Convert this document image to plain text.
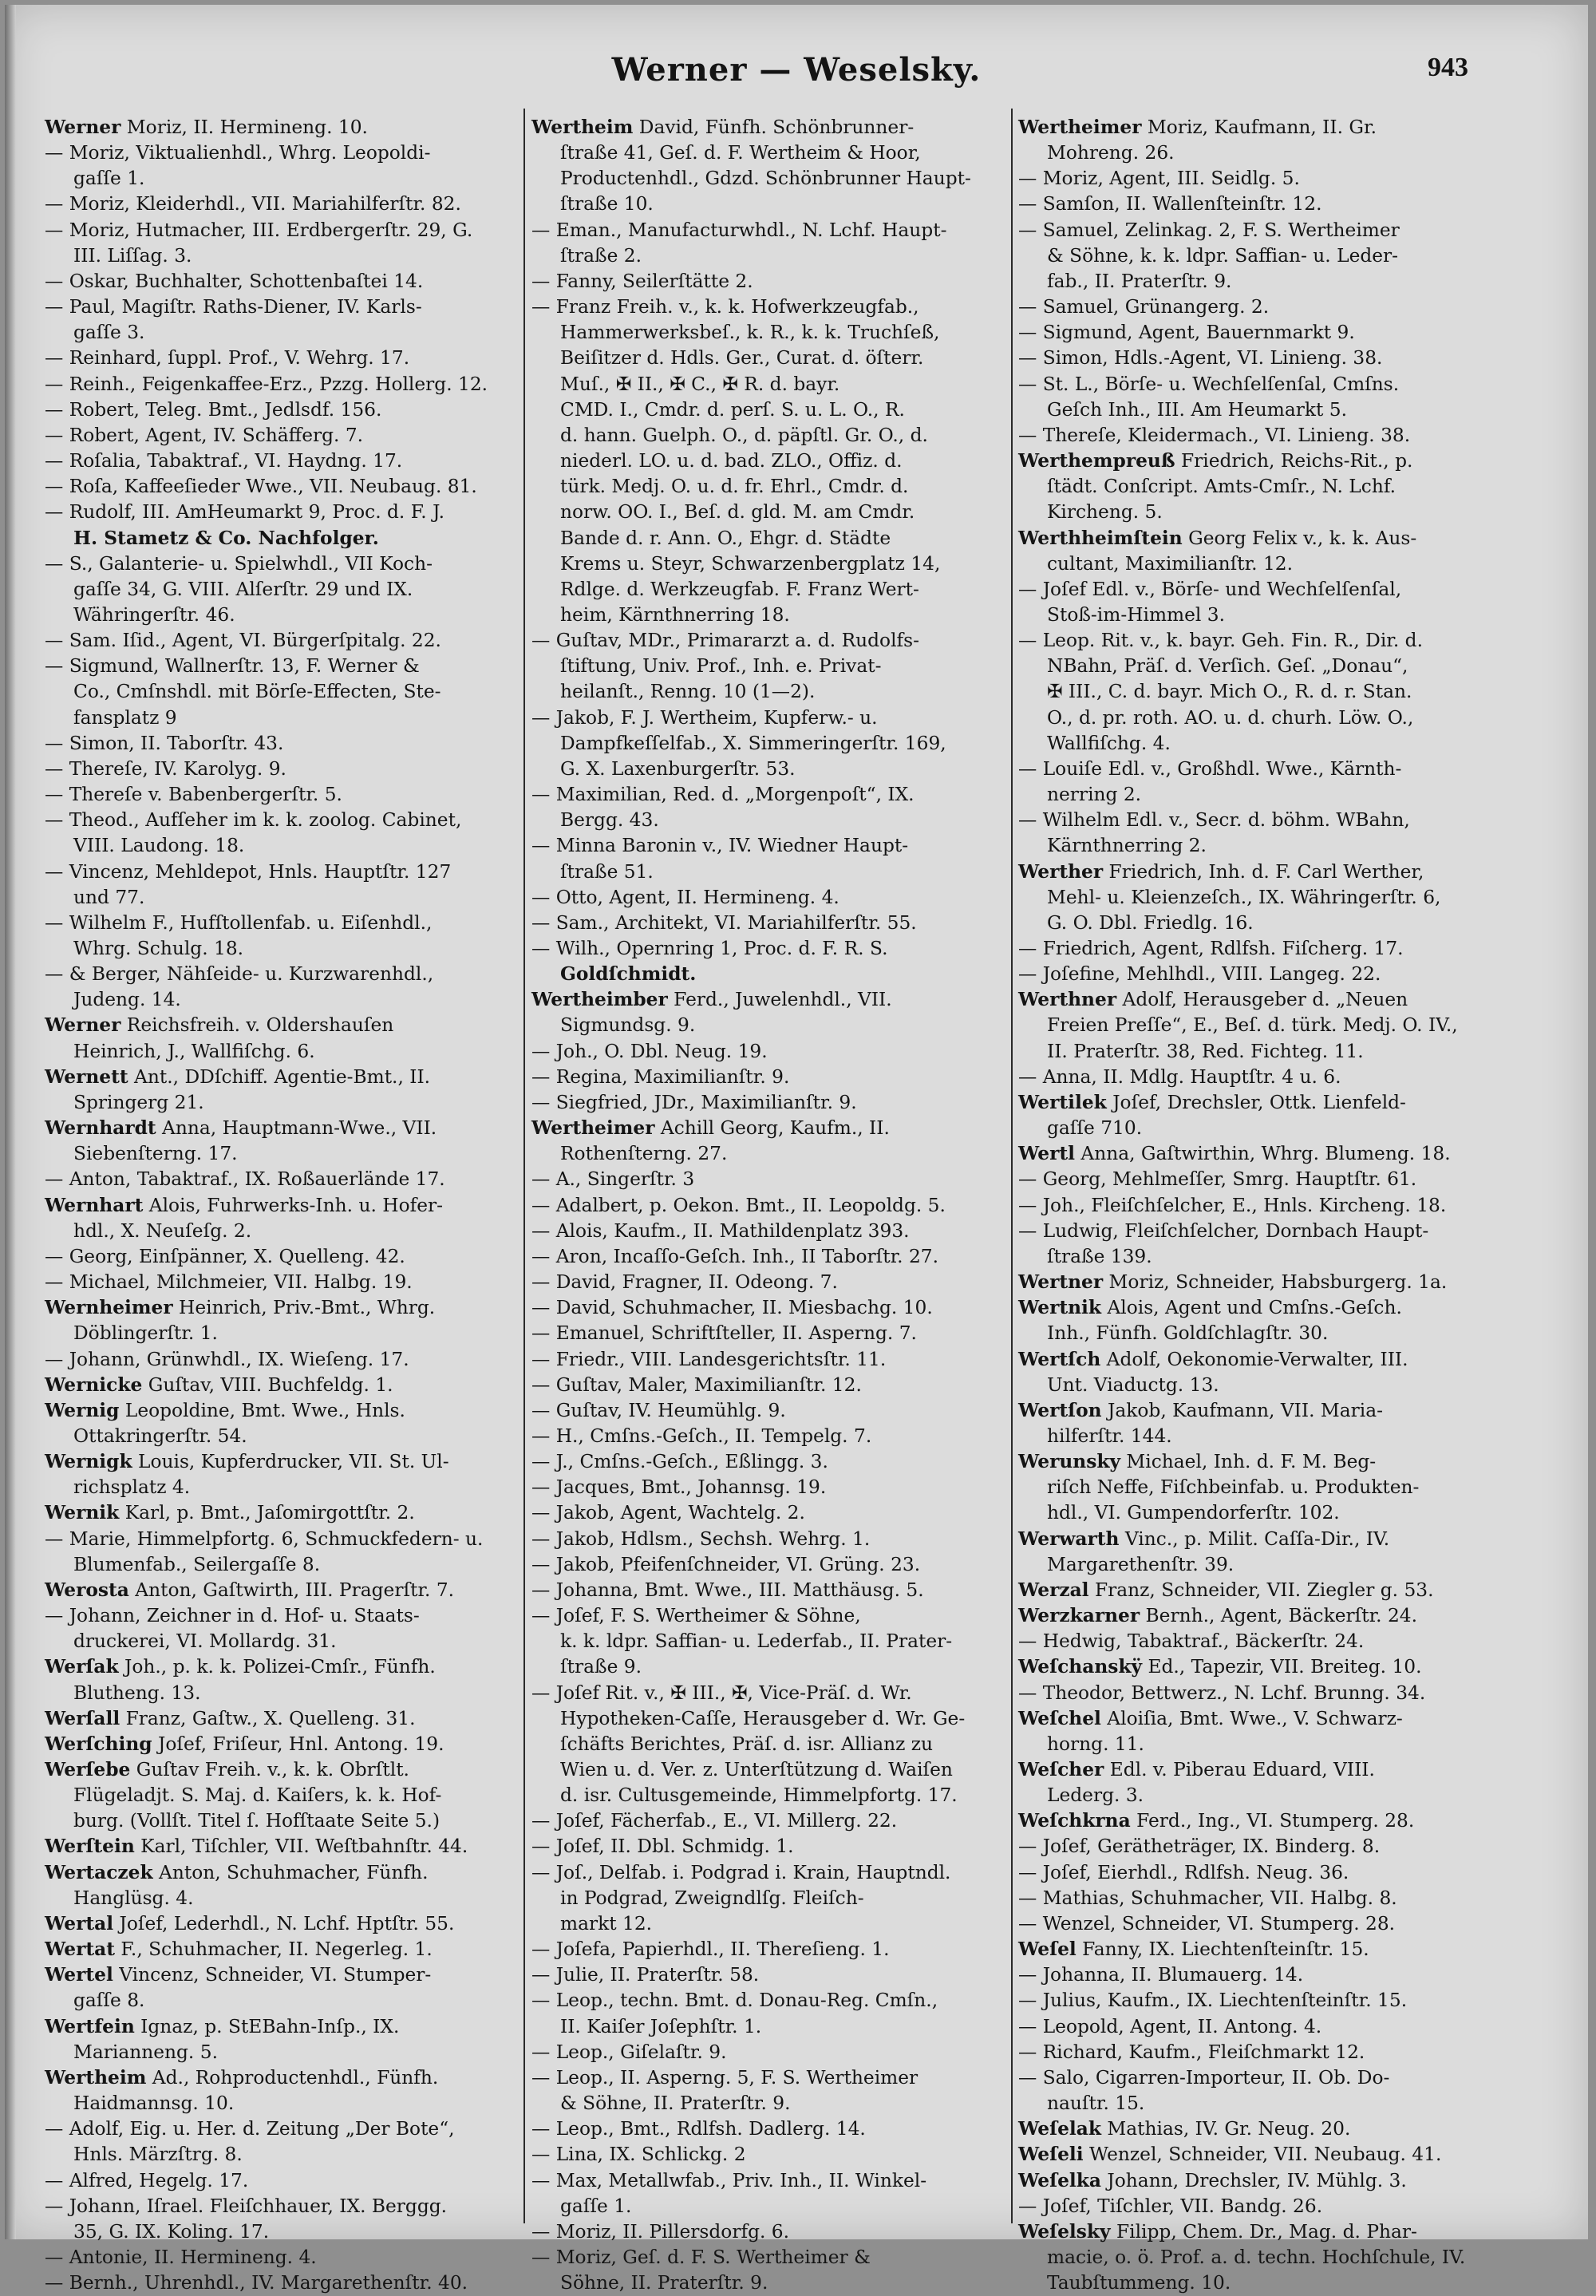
Werner — Weselsky.	943
Werner Moriz, II. Hermineng. 10.
— Moriz, Viktualienhdl., Whrg. Leopoldi-
gaſſe 1.
— Moriz, Kleiderhdl., VII. Mariahilferſtr. 82.
— Moriz, Hutmacher, III. Erdbergerſtr. 29, G.
III. Liſſag. 3.
— Oskar, Buchhalter, Schottenbaſtei 14.
— Paul, Magiſtr. Raths-Diener, IV. Karls-
gaſſe 3.
— Reinhard, ſuppl. Prof., V. Wehrg. 17.
— Reinh., Feigenkaffee-Erz., Pzzg. Hollerg. 12.
— Robert, Teleg. Bmt., Jedlsdf. 156.
— Robert, Agent, IV. Schäfferg. 7.
— Roſalia, Tabaktraf., VI. Haydng. 17.
— Roſa, Kaffeeſieder Wwe., VII. Neubaug. 81.
— Rudolf, III. AmHeumarkt 9, Proc. d. F. J.
H. Stametz & Co. Nachfolger.
— S., Galanterie- u. Spielwhdl., VII Koch-
gaſſe 34, G. VIII. Alſerſtr. 29 und IX.
Währingerſtr. 46.
— Sam. Iſid., Agent, VI. Bürgerſpitalg. 22.
— Sigmund, Wallnerſtr. 13, F. Werner &
Co., Cmſnshdl. mit Börſe-Effecten, Ste-
fansplatz 9
— Simon, II. Taborſtr. 43.
— Thereſe, IV. Karolyg. 9.
— Thereſe v. Babenbergerſtr. 5.
— Theod., Aufſeher im k. k. zoolog. Cabinet,
VIII. Laudong. 18.
— Vincenz, Mehldepot, Hnls. Hauptſtr. 127
und 77.
— Wilhelm F., Hufſtollenfab. u. Eiſenhdl.,
Whrg. Schulg. 18.
— & Berger, Nähſeide- u. Kurzwarenhdl.,
Judeng. 14.
Werner Reichsfreih. v. Oldershauſen
Heinrich, J., Wallfiſchg. 6.
Wernett Ant., DDſchiff. Agentie-Bmt., II.
Springerg 21.
Wernhardt Anna, Hauptmann-Wwe., VII.
Siebenſterng. 17.
— Anton, Tabaktraf., IX. Roßauerlände 17.
Wernhart Alois, Fuhrwerks-Inh. u. Hofer-
hdl., X. Neuſeſg. 2.
— Georg, Einſpänner, X. Quelleng. 42.
— Michael, Milchmeier, VII. Halbg. 19.
Wernheimer Heinrich, Priv.-Bmt., Whrg.
Döblingerſtr. 1.
— Johann, Grünwhdl., IX. Wieſeng. 17.
Wernicke Guſtav, VIII. Buchfeldg. 1.
Wernig Leopoldine, Bmt. Wwe., Hnls.
Ottakringerſtr. 54.
Wernigk Louis, Kupferdrucker, VII. St. Ul-
richsplatz 4.
Wernik Karl, p. Bmt., Jaſomirgottſtr. 2.
— Marie, Himmelpfortg. 6, Schmuckfedern- u.
Blumenfab., Seilergaſſe 8.
Werosta Anton, Gaſtwirth, III. Pragerſtr. 7.
— Johann, Zeichner in d. Hof- u. Staats-
druckerei, VI. Mollardg. 31.
Werſak Joh., p. k. k. Polizei-Cmſr., Fünfh.
Blutheng. 13.
Werſall Franz, Gaſtw., X. Quelleng. 31.
Werſching Joſef, Friſeur, Hnl. Antong. 19.
Werſebe Guſtav Freih. v., k. k. Obrſtlt.
Flügeladjt. S. Maj. d. Kaiſers, k. k. Hof-
burg. (Vollſt. Titel ſ. Hofſtaate Seite 5.)
Werſtein Karl, Tiſchler, VII. Weſtbahnſtr. 44.
Wertaczek Anton, Schuhmacher, Fünfh.
Hanglüsg. 4.
Wertal Joſef, Lederhdl., N. Lchf. Hptſtr. 55.
Wertat F., Schuhmacher, II. Negerleg. 1.
Wertel Vincenz, Schneider, VI. Stumper-
gaſſe 8.
Wertfein Ignaz, p. StEBahn-Inſp., IX.
Marianneng. 5.
Wertheim Ad., Rohproductenhdl., Fünfh.
Haidmannsg. 10.
— Adolf, Eig. u. Her. d. Zeitung „Der Bote“,
Hnls. Märzſtrg. 8.
— Alfred, Hegelg. 17.
— Johann, Iſrael. Fleiſchhauer, IX. Berggg.
35, G. IX. Koling. 17.
— Antonie, II. Hermineng. 4.
— Bernh., Uhrenhdl., IV. Margarethenſtr. 40.
Wertheim David, Fünfh. Schönbrunner-
ſtraße 41, Geſ. d. F. Wertheim & Hoor,
Productenhdl., Gdzd. Schönbrunner Haupt-
ſtraße 10.
— Eman., Manufacturwhdl., N. Lchf. Haupt-
ſtraße 2.
— Fanny, Seilerſtätte 2.
— Franz Freih. v., k. k. Hofwerkzeugfab.,
Hammerwerksbeſ., k. R., k. k. Truchſeß,
Beiſitzer d. Hdls. Ger., Curat. d. öſterr.
Muſ., ✠ II., ✠ C., ✠ R. d. bayr.
CMD. I., Cmdr. d. perſ. S. u. L. O., R.
d. hann. Guelph. O., d. päpſtl. Gr. O., d.
niederl. LO. u. d. bad. ZLO., Offiz. d.
türk. Medj. O. u. d. fr. Ehrl., Cmdr. d.
norw. OO. I., Beſ. d. gld. M. am Cmdr.
Bande d. r. Ann. O., Ehgr. d. Städte
Krems u. Steyr, Schwarzenbergplatz 14,
Rdlge. d. Werkzeugfab. F. Franz Wert-
heim, Kärnthnerring 18.
— Guſtav, MDr., Primararzt a. d. Rudolfs-
ſtiftung, Univ. Prof., Inh. e. Privat-
heilanſt., Renng. 10 (1—2).
— Jakob, F. J. Wertheim, Kupferw.- u.
Dampfkeſſelfab., X. Simmeringerſtr. 169,
G. X. Laxenburgerſtr. 53.
— Maximilian, Red. d. „Morgenpoſt“, IX.
Bergg. 43.
— Minna Baronin v., IV. Wiedner Haupt-
ſtraße 51.
— Otto, Agent, II. Hermineng. 4.
— Sam., Architekt, VI. Mariahilferſtr. 55.
— Wilh., Opernring 1, Proc. d. F. R. S.
Goldſchmidt.
Wertheimber Ferd., Juwelenhdl., VII.
Sigmundsg. 9.
— Joh., O. Dbl. Neug. 19.
— Regina, Maximilianſtr. 9.
— Siegfried, JDr., Maximilianſtr. 9.
Wertheimer Achill Georg, Kaufm., II.
Rothenſterng. 27.
— A., Singerſtr. 3
— Adalbert, p. Oekon. Bmt., II. Leopoldg. 5.
— Alois, Kaufm., II. Mathildenplatz 393.
— Aron, Incaſſo-Geſch. Inh., II Taborſtr. 27.
— David, Fragner, II. Odeong. 7.
— David, Schuhmacher, II. Miesbachg. 10.
— Emanuel, Schriftſteller, II. Asperng. 7.
— Friedr., VIII. Landesgerichtsſtr. 11.
— Guſtav, Maler, Maximilianſtr. 12.
— Guſtav, IV. Heumühlg. 9.
— H., Cmſns.-Geſch., II. Tempelg. 7.
— J., Cmſns.-Geſch., Eßlingg. 3.
— Jacques, Bmt., Johannsg. 19.
— Jakob, Agent, Wachtelg. 2.
— Jakob, Hdlsm., Sechsh. Wehrg. 1.
— Jakob, Pfeifenſchneider, VI. Grüng. 23.
— Johanna, Bmt. Wwe., III. Matthäusg. 5.
— Joſef, F. S. Wertheimer & Söhne,
k. k. ldpr. Saffian- u. Lederfab., II. Prater-
ſtraße 9.
— Joſef Rit. v., ✠ III., ✠, Vice-Präſ. d. Wr.
Hypotheken-Caſſe, Herausgeber d. Wr. Ge-
ſchäfts Berichtes, Präſ. d. isr. Allianz zu
Wien u. d. Ver. z. Unterſtützung d. Waiſen
d. isr. Cultusgemeinde, Himmelpfortg. 17.
— Joſef, Fächerfab., E., VI. Millerg. 22.
— Joſef, II. Dbl. Schmidg. 1.
— Joſ., Delfab. i. Podgrad i. Krain, Hauptndl.
in Podgrad, Zweigndlſg. Fleiſch-
markt 12.
— Joſefa, Papierhdl., II. Thereſieng. 1.
— Julie, II. Praterſtr. 58.
— Leop., techn. Bmt. d. Donau-Reg. Cmſn.,
II. Kaiſer Joſephſtr. 1.
— Leop., Giſelaſtr. 9.
— Leop., II. Asperng. 5, F. S. Wertheimer
& Söhne, II. Praterſtr. 9.
— Leop., Bmt., Rdlfsh. Dadlerg. 14.
— Lina, IX. Schlickg. 2
— Max, Metallwfab., Priv. Inh., II. Winkel-
gaſſe 1.
— Moriz, II. Pillersdorfg. 6.
— Moriz, Geſ. d. F. S. Wertheimer &
Söhne, II. Praterſtr. 9.
Wertheimer Moriz, Kaufmann, II. Gr.
Mohreng. 26.
— Moriz, Agent, III. Seidlg. 5.
— Samſon, II. Wallenſteinſtr. 12.
— Samuel, Zelinkag. 2, F. S. Wertheimer
& Söhne, k. k. ldpr. Saffian- u. Leder-
fab., II. Praterſtr. 9.
— Samuel, Grünangerg. 2.
— Sigmund, Agent, Bauernmarkt 9.
— Simon, Hdls.-Agent, VI. Linieng. 38.
— St. L., Börſe- u. Wechſelſenſal, Cmſns.
Geſch Inh., III. Am Heumarkt 5.
— Thereſe, Kleidermach., VI. Linieng. 38.
Werthempreuß Friedrich, Reichs-Rit., p.
ſtädt. Conſcript. Amts-Cmſr., N. Lchf.
Kircheng. 5.
Werthheimſtein Georg Felix v., k. k. Aus-
cultant, Maximilianſtr. 12.
— Joſef Edl. v., Börſe- und Wechſelſenſal,
Stoß-im-Himmel 3.
— Leop. Rit. v., k. bayr. Geh. Fin. R., Dir. d.
NBahn, Präſ. d. Verſich. Geſ. „Donau“,
✠ III., C. d. bayr. Mich O., R. d. r. Stan.
O., d. pr. roth. AO. u. d. churh. Löw. O.,
Wallfiſchg. 4.
— Louiſe Edl. v., Großhdl. Wwe., Kärnth-
nerring 2.
— Wilhelm Edl. v., Secr. d. böhm. WBahn,
Kärnthnerring 2.
Werther Friedrich, Inh. d. F. Carl Werther,
Mehl- u. Kleienzeſch., IX. Währingerſtr. 6,
G. O. Dbl. Friedlg. 16.
— Friedrich, Agent, Rdlfsh. Fiſcherg. 17.
— Joſefine, Mehlhdl., VIII. Langeg. 22.
Werthner Adolf, Herausgeber d. „Neuen
Freien Preſſe“, E., Beſ. d. türk. Medj. O. IV.,
II. Praterſtr. 38, Red. Fichteg. 11.
— Anna, II. Mdlg. Hauptſtr. 4 u. 6.
Wertilek Joſef, Drechsler, Ottk. Lienfeld-
gaſſe 710.
Wertl Anna, Gaſtwirthin, Whrg. Blumeng. 18.
— Georg, Mehlmeſſer, Smrg. Hauptſtr. 61.
— Joh., Fleiſchſelcher, E., Hnls. Kircheng. 18.
— Ludwig, Fleiſchſelcher, Dornbach Haupt-
ſtraße 139.
Wertner Moriz, Schneider, Habsburgerg. 1a.
Wertnik Alois, Agent und Cmſns.-Geſch.
Inh., Fünfh. Goldſchlagſtr. 30.
Wertſch Adolf, Oekonomie-Verwalter, III.
Unt. Viaductg. 13.
Wertſon Jakob, Kaufmann, VII. Maria-
hilferſtr. 144.
Werunsky Michael, Inh. d. F. M. Beg-
riſch Neffe, Fiſchbeinfab. u. Produkten-
hdl., VI. Gumpendorferſtr. 102.
Werwarth Vinc., p. Milit. Caſſa-Dir., IV.
Margarethenſtr. 39.
Werzal Franz, Schneider, VII. Ziegler g. 53.
Werzkarner Bernh., Agent, Bäckerſtr. 24.
— Hedwig, Tabaktraf., Bäckerſtr. 24.
Weſchanskÿ Ed., Tapezir, VII. Breiteg. 10.
— Theodor, Bettwerz., N. Lchf. Brunng. 34.
Weſchel Aloiſia, Bmt. Wwe., V. Schwarz-
horng. 11.
Weſcher Edl. v. Piberau Eduard, VIII.
Lederg. 3.
Weſchkrna Ferd., Ing., VI. Stumperg. 28.
— Joſef, Gerätheträger, IX. Binderg. 8.
— Joſef, Eierhdl., Rdlfsh. Neug. 36.
— Mathias, Schuhmacher, VII. Halbg. 8.
— Wenzel, Schneider, VI. Stumperg. 28.
Weſel Fanny, IX. Liechtenſteinſtr. 15.
— Johanna, II. Blumauerg. 14.
— Julius, Kaufm., IX. Liechtenſteinſtr. 15.
— Leopold, Agent, II. Antong. 4.
— Richard, Kaufm., Fleiſchmarkt 12.
— Salo, Cigarren-Importeur, II. Ob. Do-
nauſtr. 15.
Weſelak Mathias, IV. Gr. Neug. 20.
Weſeli Wenzel, Schneider, VII. Neubaug. 41.
Weſelka Johann, Drechsler, IV. Mühlg. 3.
— Joſef, Tiſchler, VII. Bandg. 26.
Weſelsky Filipp, Chem. Dr., Mag. d. Phar-
macie, o. ö. Prof. a. d. techn. Hochſchule, IV.
Taubſtummeng. 10.
